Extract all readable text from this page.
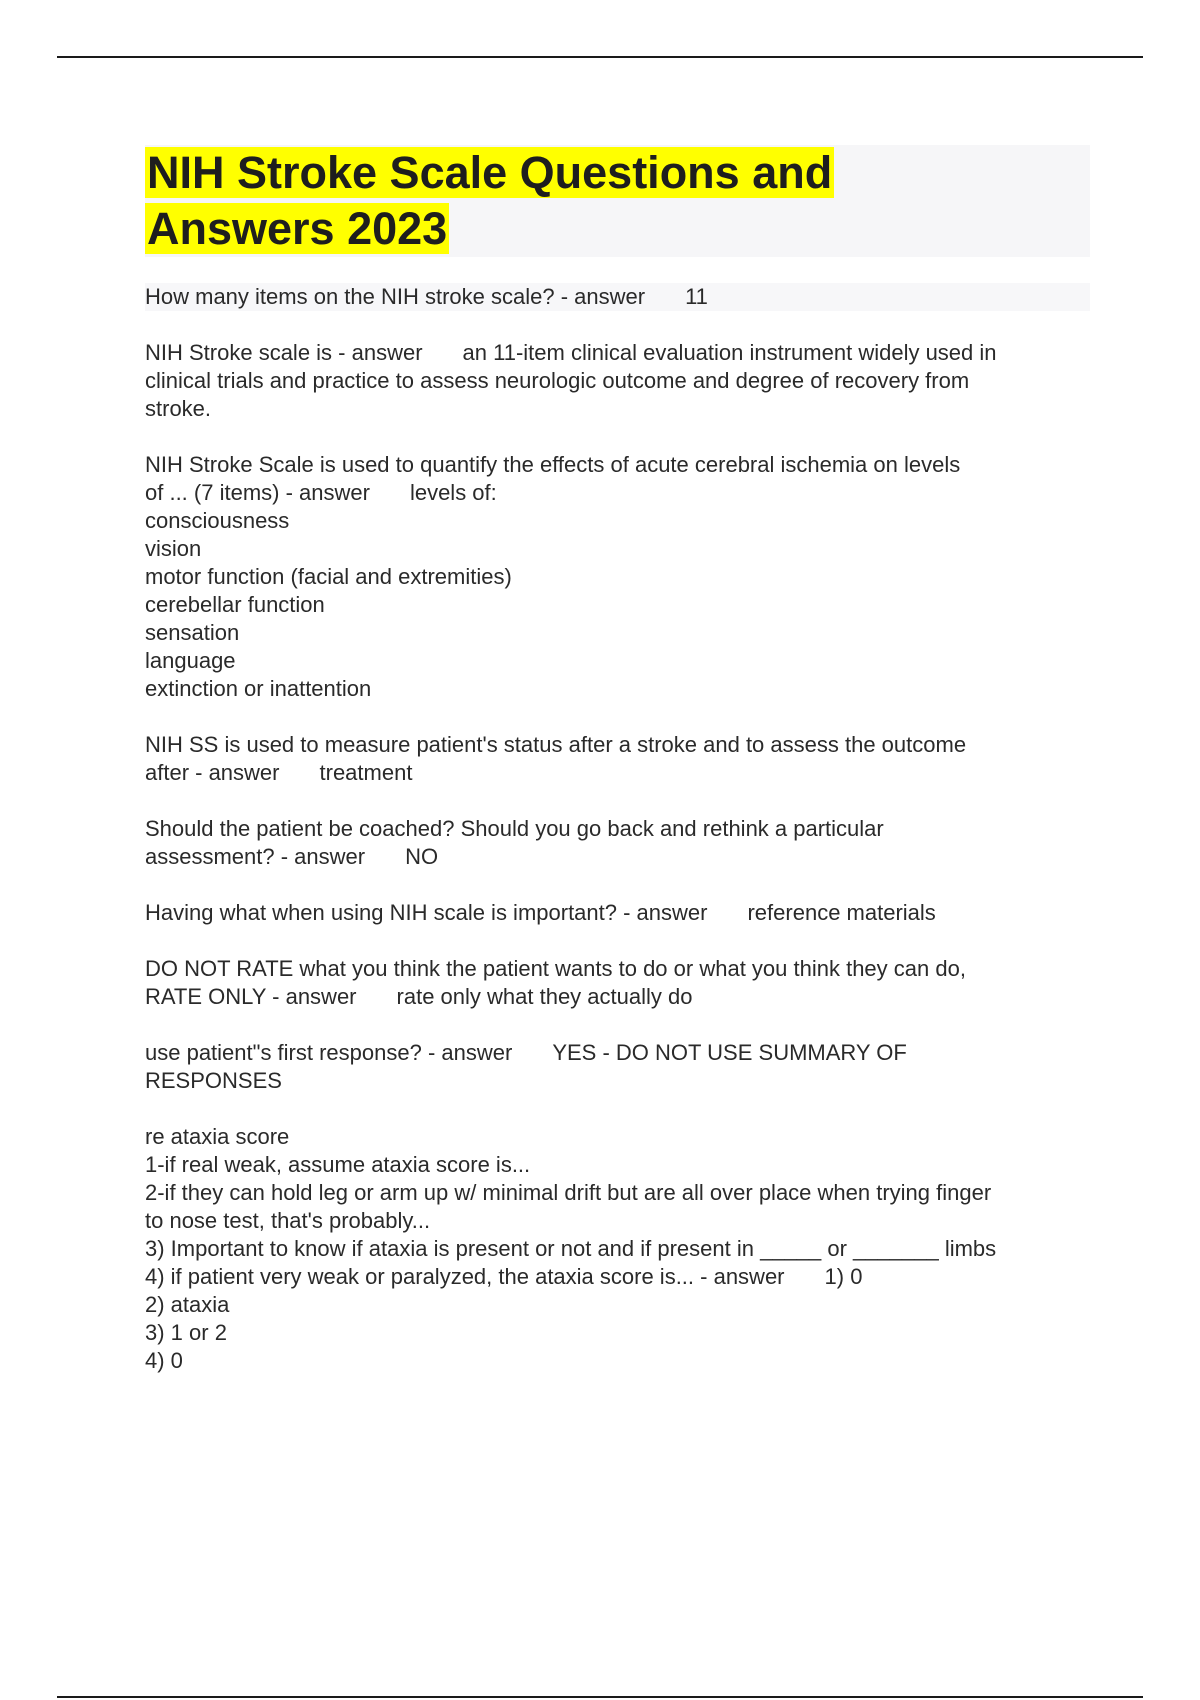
NIH Stroke Scale Questions and
Answers 2023
How many items on the NIH stroke scale? - answer 11
NIH Stroke scale is - answer an 11-item clinical evaluation instrument widely used in
clinical trials and practice to assess neurologic outcome and degree of recovery from
stroke.
NIH Stroke Scale is used to quantify the effects of acute cerebral ischemia on levels
of ... (7 items) - answer levels of:
consciousness
vision
motor function (facial and extremities)
cerebellar function
sensation
language
extinction or inattention
NIH SS is used to measure patient's status after a stroke and to assess the outcome
after - answer treatment
Should the patient be coached? Should you go back and rethink a particular
assessment? - answer NO
Having what when using NIH scale is important? - answer reference materials
DO NOT RATE what you think the patient wants to do or what you think they can do,
RATE ONLY - answer rate only what they actually do
use patient"s first response? - answer YES - DO NOT USE SUMMARY OF
RESPONSES
re ataxia score
1-if real weak, assume ataxia score is...
2-if they can hold leg or arm up w/ minimal drift but are all over place when trying finger
to nose test, that's probably...
3) Important to know if ataxia is present or not and if present in _____ or _______ limbs
4) if patient very weak or paralyzed, the ataxia score is... - answer 1) 0
2) ataxia
3) 1 or 2
4) 0
